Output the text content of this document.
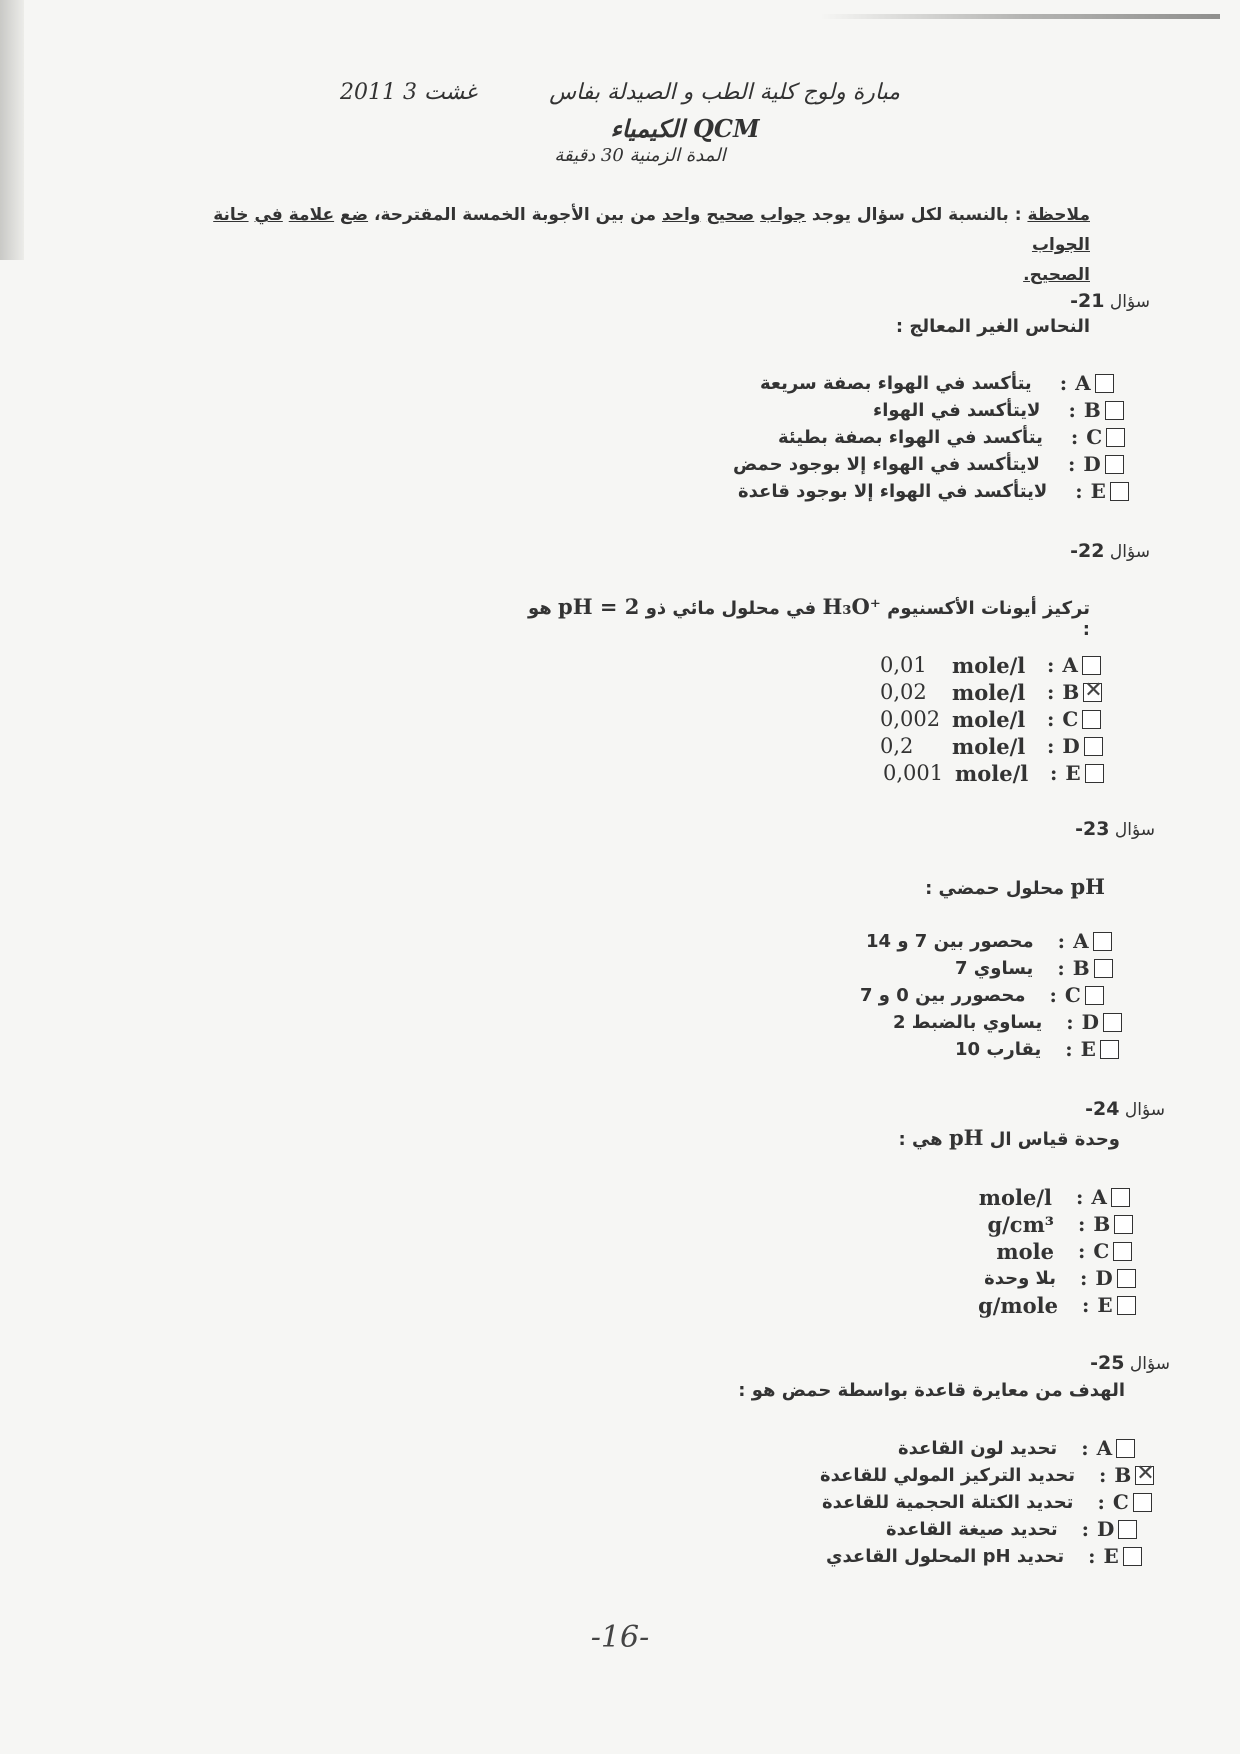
2011 3 غشت	مبارة ولوج كلية الطب و الصيدلة بفاس
QCM الكيمياء
المدة الزمنية 30 دقيقة
ملاحظة : بالنسبة لكل سؤال يوجد جواب صحيح واحد من بين الأجوبة الخمسة المقترحة، ضع علامة في خانة الجواب
الصحيح.
سؤال 21-
النحاس الغير المعالج :
يتأكسد في الهواء بصفة سريعة : A
لايتأكسد في الهواء : B
يتأكسد في الهواء بصفة بطيئة : C
لايتأكسد في الهواء إلا بوجود حمض : D
لايتأكسد في الهواء إلا بوجود قاعدة : E
سؤال 22-
تركيز أيونات الأكسنيوم H₃O⁺ في محلول مائي ذو pH = 2 هو :
0,01	mole/l	: A
0,02	mole/l	: B
✕
0,002 mole/l	: C
0,2	mole/l	: D
0,001 mole/l	: E
سؤال 23-
pH محلول حمضي :
محصور بين 7 و 14 : A
يساوي 7 : B
محصورر بين 0 و 7 : C
يساوي بالضبط 2 : D
يقارب 10 : E
سؤال 24-
وحدة قياس ال pH هي :
mole/l : A
g/cm³ : B
mole : C
بلا وحدة : D
g/mole : E
سؤال 25-
الهدف من معايرة قاعدة بواسطة حمض هو :
تحديد لون القاعدة : A
تحديد التركيز المولي للقاعدة : B
✕
تحديد الكتلة الحجمية للقاعدة : C
تحديد صيغة القاعدة : D
تحديد pH المحلول القاعدي : E
-16-
